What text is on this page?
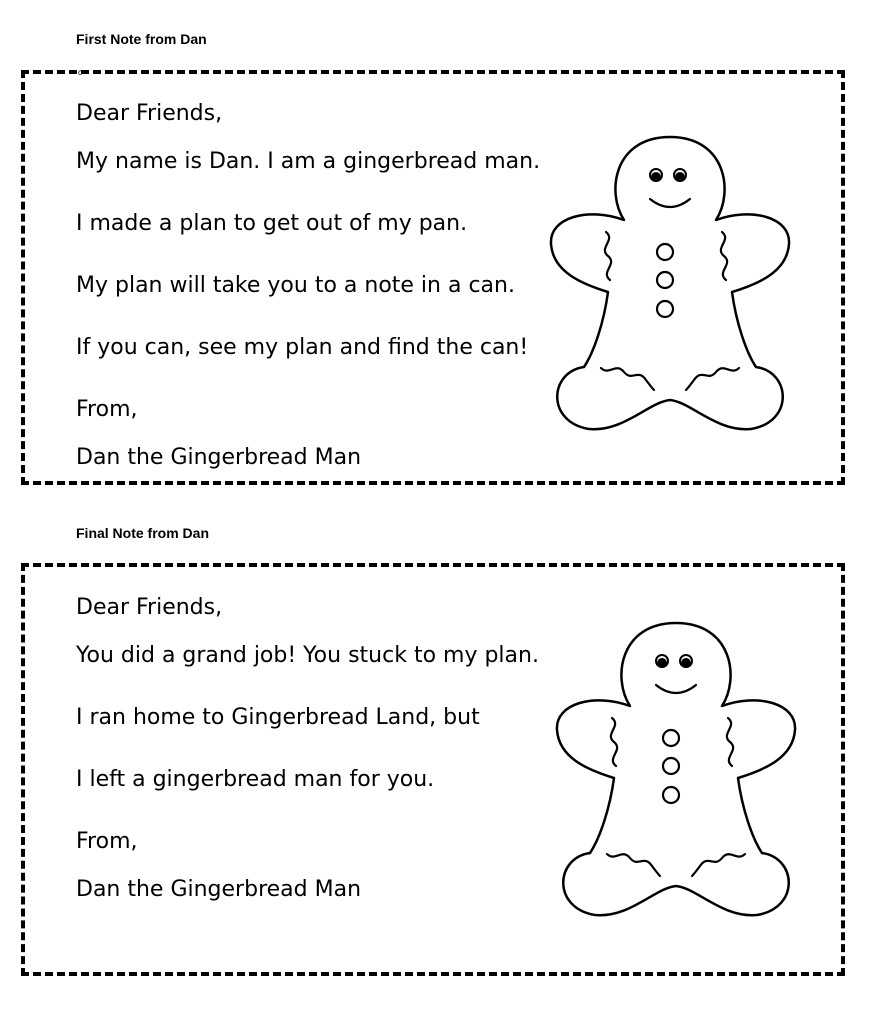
First Note from Dan
c
Dear Friends,
My name is Dan. I am a gingerbread man.
I made a plan to get out of my pan.
My plan will take you to a note in a can.
If you can, see my plan and find the can!
From,
Dan the Gingerbread Man
Final Note from Dan
Dear Friends,
You did a grand job! You stuck to my plan.
I ran home to Gingerbread Land, but
I left a gingerbread man for you.
From,
Dan the Gingerbread Man
